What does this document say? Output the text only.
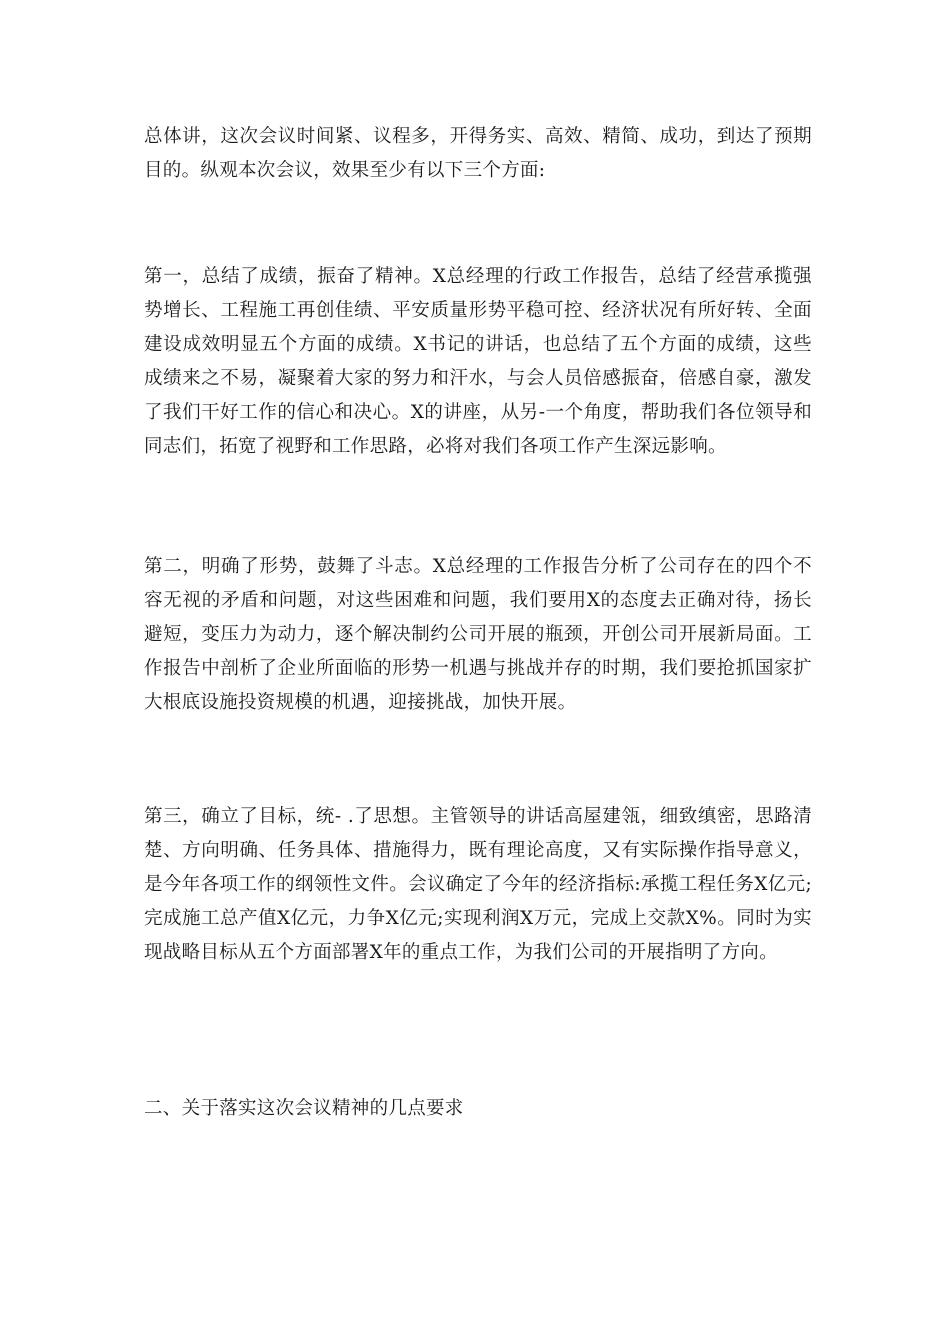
总体讲，这次会议时间紧、议程多，开得务实、高效、精简、成功，到达了预期目的。纵观本次会议，效果至少有以下三个方面:

第一，总结了成绩，振奋了精神。X总经理的行政工作报告，总结了经营承揽强势增长、工程施工再创佳绩、平安质量形势平稳可控、经济状况有所好转、全面建设成效明显五个方面的成绩。X书记的讲话，也总结了五个方面的成绩，这些成绩来之不易，凝聚着大家的努力和汗水，与会人员倍感振奋，倍感自豪，激发了我们干好工作的信心和决心。X的讲座，从另-一个角度，帮助我们各位领导和同志们，拓宽了视野和工作思路，必将对我们各项工作产生深远影响。

第二，明确了形势，鼓舞了斗志。X总经理的工作报告分析了公司存在的四个不容无视的矛盾和问题，对这些困难和问题，我们要用X的态度去正确对待，扬长避短，变压力为动力，逐个解决制约公司开展的瓶颈，开创公司开展新局面。工作报告中剖析了企业所面临的形势一机遇与挑战并存的时期，我们要抢抓国家扩大根底设施投资规模的机遇，迎接挑战，加快开展。

第三，确立了目标，统- .了思想。主管领导的讲话高屋建瓴，细致缜密，思路清楚、方向明确、任务具体、措施得力，既有理论高度，又有实际操作指导意义，是今年各项工作的纲领性文件。会议确定了今年的经济指标:承揽工程任务X亿元;完成施工总产值X亿元，力争X亿元;实现利润X万元，完成上交款X%。同时为实现战略目标从五个方面部署X年的重点工作，为我们公司的开展指明了方向。

二、关于落实这次会议精神的几点要求
